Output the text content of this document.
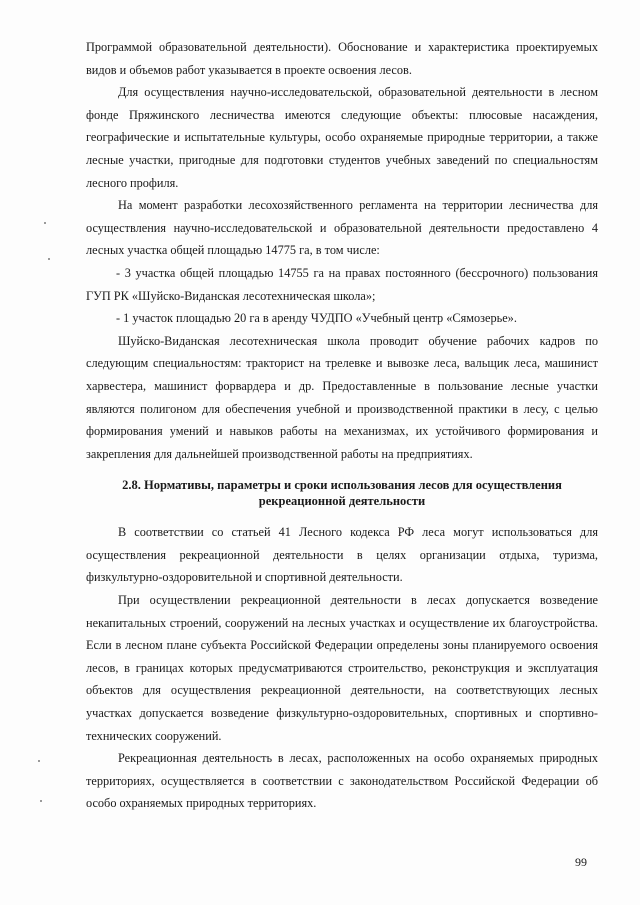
Программой образовательной деятельности). Обоснование и характеристика проектируемых видов и объемов работ указывается в проекте освоения лесов.

Для осуществления научно-исследовательской, образовательной деятельности в лесном фонде Пряжинского лесничества имеются следующие объекты: плюсовые насаждения, географические и испытательные культуры, особо охраняемые природные территории, а также лесные участки, пригодные для подготовки студентов учебных заведений по специальностям лесного профиля.

На момент разработки лесохозяйственного регламента на территории лесничества для осуществления научно-исследовательской и образовательной деятельности предоставлено 4 лесных участка общей площадью 14775 га, в том числе:

- 3 участка общей площадью 14755 га на правах постоянного (бессрочного) пользования ГУП РК «Шуйско-Виданская лесотехническая школа»;

- 1 участок площадью 20 га в аренду ЧУДПО «Учебный центр «Сямозерье».

Шуйско-Виданская лесотехническая школа проводит обучение рабочих кадров по следующим специальностям: тракторист на трелевке и вывозке леса, вальщик леса, машинист харвестера, машинист форвардера и др. Предоставленные в пользование лесные участки являются полигоном для обеспечения учебной и производственной практики в лесу, с целью формирования умений и навыков работы на механизмах, их устойчивого формирования и закрепления для дальнейшей производственной работы на предприятиях.

2.8. Нормативы, параметры и сроки использования лесов для осуществления рекреационной деятельности

В соответствии со статьей 41 Лесного кодекса РФ леса могут использоваться для осуществления рекреационной деятельности в целях организации отдыха, туризма, физкультурно-оздоровительной и спортивной деятельности.

При осуществлении рекреационной деятельности в лесах допускается возведение некапитальных строений, сооружений на лесных участках и осуществление их благоустройства. Если в лесном плане субъекта Российской Федерации определены зоны планируемого освоения лесов, в границах которых предусматриваются строительство, реконструкция и эксплуатация объектов для осуществления рекреационной деятельности, на соответствующих лесных участках допускается возведение физкультурно-оздоровительных, спортивных и спортивно-технических сооружений.

Рекреационная деятельность в лесах, расположенных на особо охраняемых природных территориях, осуществляется в соответствии с законодательством Российской Федерации об особо охраняемых природных территориях.

99
